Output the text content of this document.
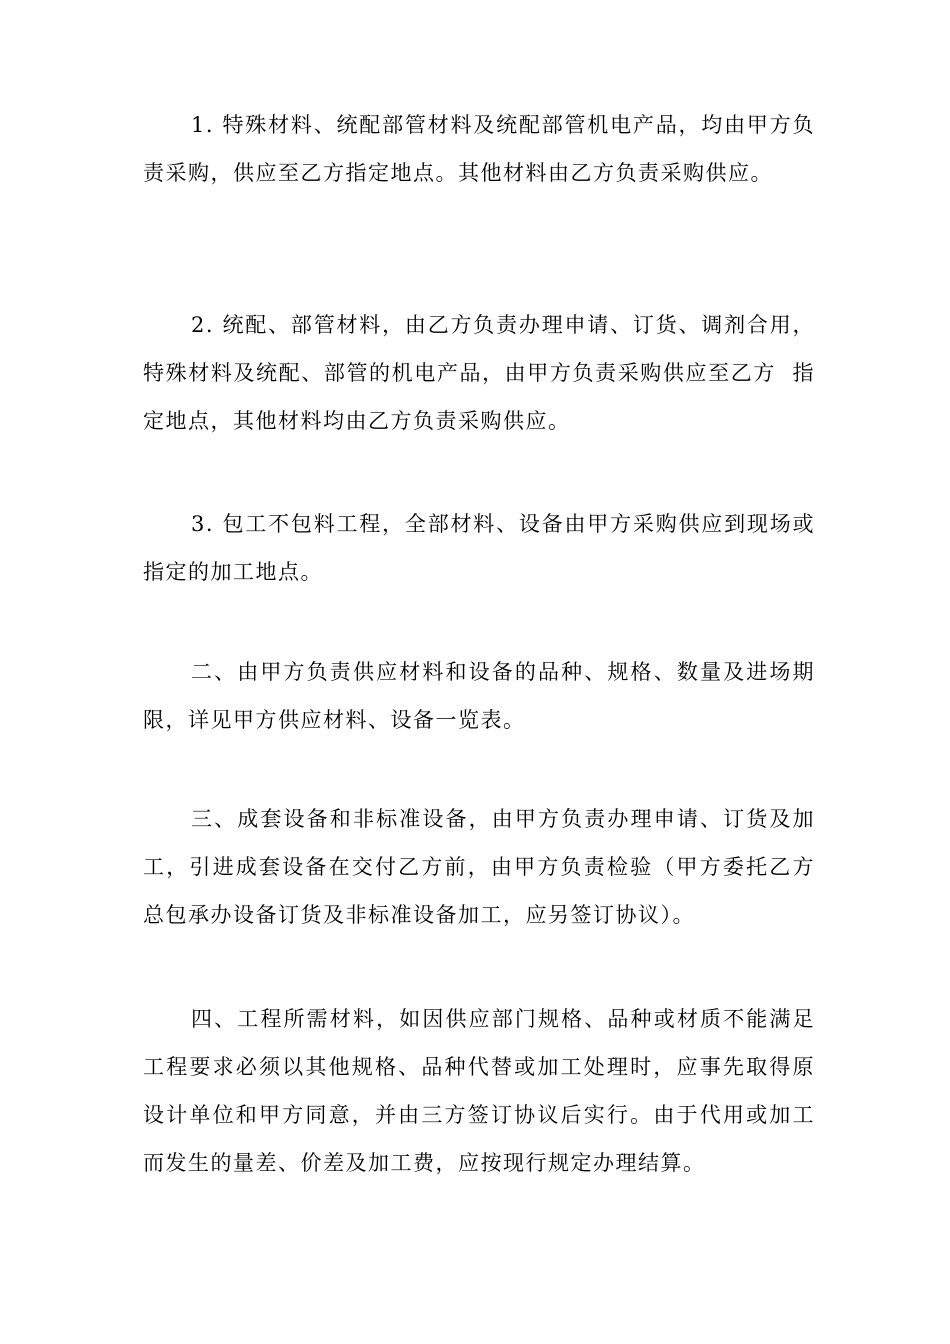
1. 特殊材料、统配部管材料及统配部管机电产品，均由甲方负责采购，供应至乙方指定地点。其他材料由乙方负责采购供应。

2. 统配、部管材料，由乙方负责办理申请、订货、调剂合用，  特殊材料及统配、部管的机电产品，由甲方负责采购供应至乙方  指定地点，其他材料均由乙方负责采购供应。

3. 包工不包料工程，全部材料、设备由甲方采购供应到现场或指定的加工地点。

二、由甲方负责供应材料和设备的品种、规格、数量及进场期限，详见甲方供应材料、设备一览表。

三、成套设备和非标准设备，由甲方负责办理申请、订货及加工，引进成套设备在交付乙方前，由甲方负责检验（甲方委托乙方总包承办设备订货及非标准设备加工，应另签订协议）。

四、工程所需材料，如因供应部门规格、品种或材质不能满足工程要求必须以其他规格、品种代替或加工处理时，应事先取得原设计单位和甲方同意，并由三方签订协议后实行。由于代用或加工而发生的量差、价差及加工费，应按现行规定办理结算。
